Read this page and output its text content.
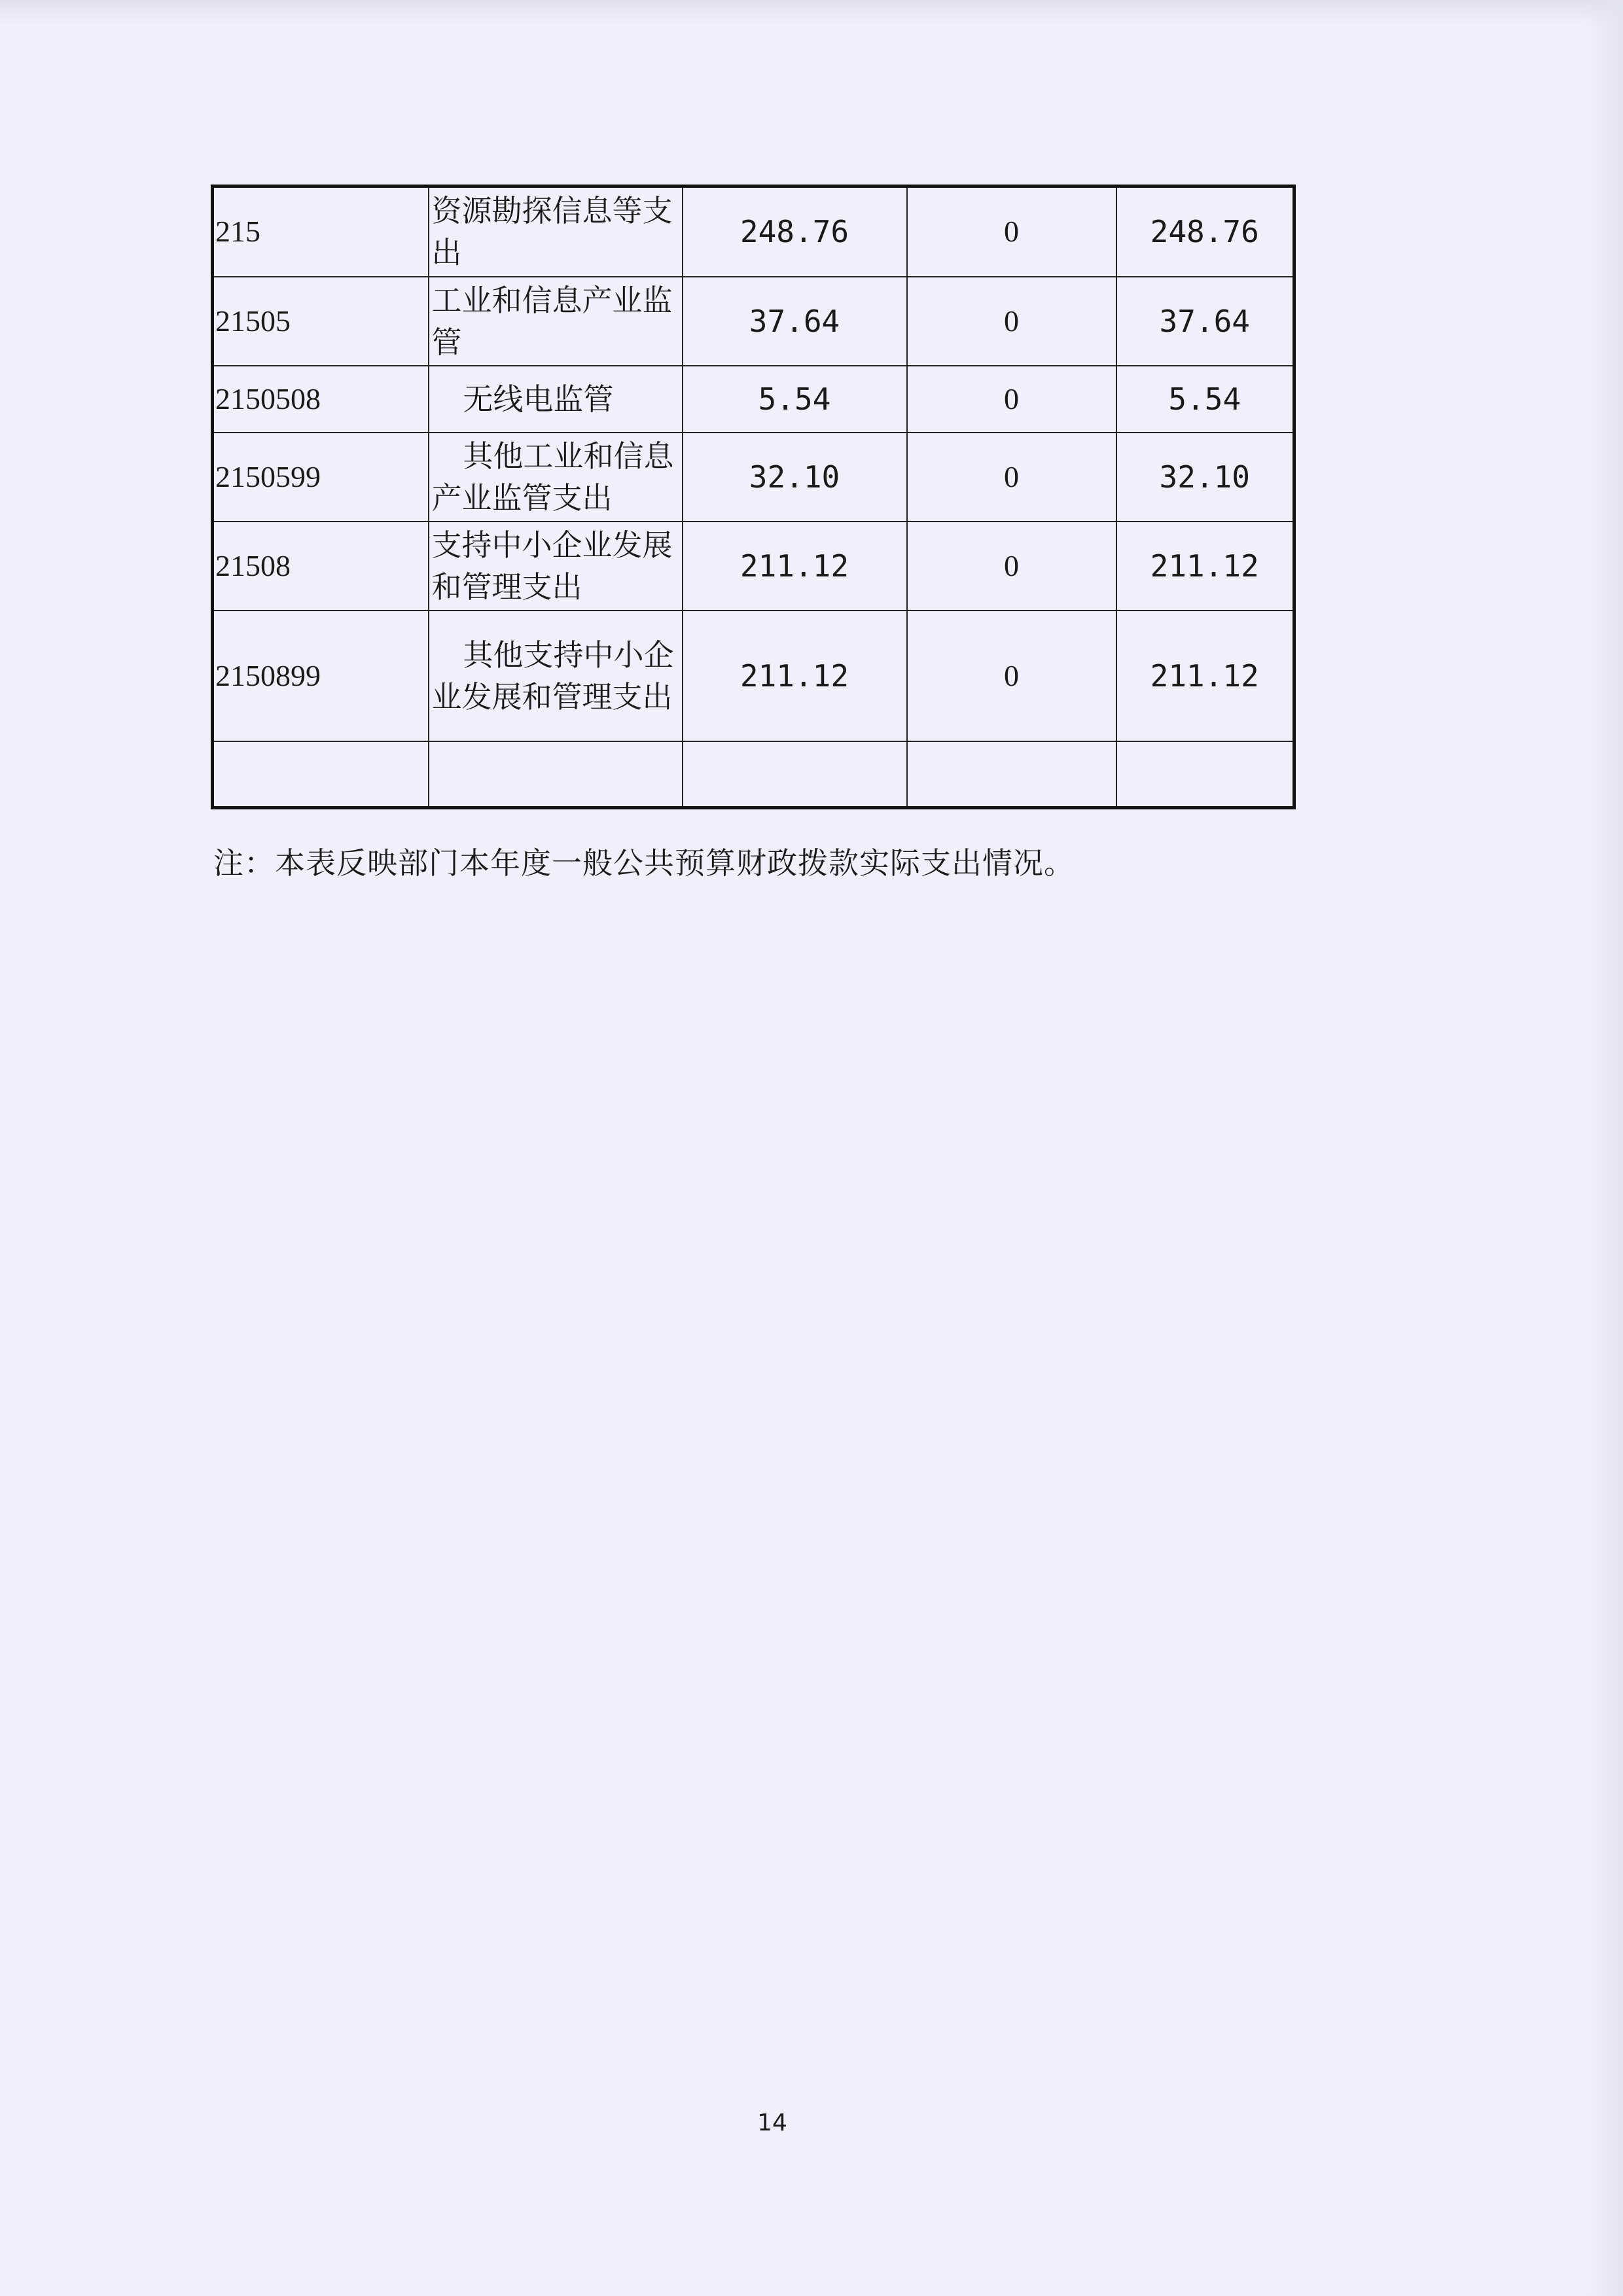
215	资源勘探信息等支出	248.76	0	248.76
21505	工业和信息产业监管	37.64	0	37.64
2150508	无线电监管	5.54	0	5.54
2150599	其他工业和信息产业监管支出	32.10	0	32.10
21508	支持中小企业发展和管理支出	211.12	0	211.12
2150899	其他支持中小企业发展和管理支出	211.12	0	211.12

注：本表反映部门本年度一般公共预算财政拨款实际支出情况。
14
